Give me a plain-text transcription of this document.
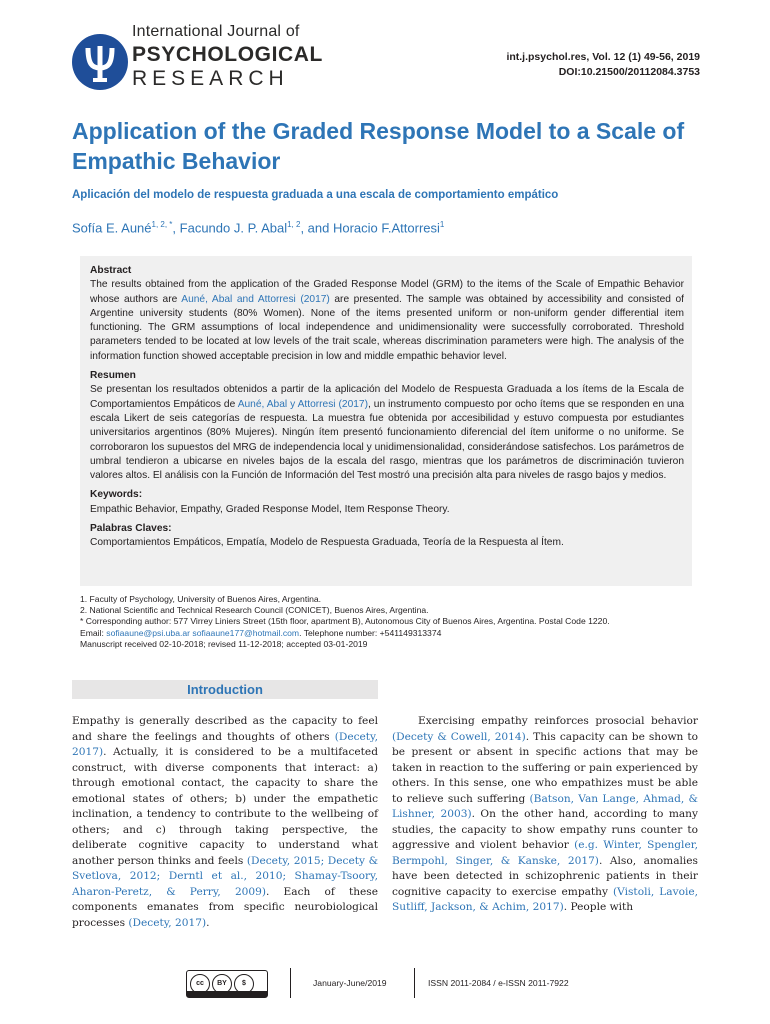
International Journal of
PSYCHOLOGICAL
RESEARCH
int.j.psychol.res, Vol. 12 (1) 49-56, 2019
DOI:10.21500/20112084.3753
Application of the Graded Response Model to a Scale of Empathic Behavior
Aplicación del modelo de respuesta graduada a una escala de comportamiento empático
Sofía E. Auné$^{1, 2, *}$, Facundo J. P. Abal$^{1, 2}$, and Horacio F.Attorresi$^1$

Abstract
The results obtained from the application of the Graded Response Model (GRM) to the items of the Scale of Empathic Behavior whose authors are Auné, Abal and Attorresi (2017) are presented. The sample was obtained by accessibility and consisted of Argentine university students (80% Women). None of the items presented uniform or non-uniform gender differential item functioning. The GRM assumptions of local independence and unidimensionality were successfully corroborated. Threshold parameters tended to be located at low levels of the trait scale, whereas discrimination parameters were high. The analysis of the information function showed acceptable precision in low and middle empathic behavior level.

Resumen
Se presentan los resultados obtenidos a partir de la aplicación del Modelo de Respuesta Graduada a los ítems de la Escala de Comportamientos Empáticos de Auné, Abal y Attorresi (2017), un instrumento compuesto por ocho ítems que se responden en una escala Likert de seis categorías de respuesta. La muestra fue obtenida por accesibilidad y estuvo compuesta por estudiantes universitarios argentinos (80% Mujeres). Ningún ítem presentó funcionamiento diferencial del ítem uniforme o no uniforme. Se corroboraron los supuestos del MRG de independencia local y unidimensionalidad, considerándose satisfechos. Los parámetros de umbral tendieron a ubicarse en niveles bajos de la escala del rasgo, mientras que los parámetros de discriminación tuvieron valores altos. El análisis con la Función de Información del Test mostró una precisión alta para niveles de rasgo bajos y medios.

Keywords:
Empathic Behavior, Empathy, Graded Response Model, Item Response Theory.

Palabras Claves:
Comportamientos Empáticos, Empatía, Modelo de Respuesta Graduada, Teoría de la Respuesta al Ítem.

1. Faculty of Psychology, University of Buenos Aires, Argentina.
2. National Scientific and Technical Research Council (CONICET), Buenos Aires, Argentina.
* Corresponding author: 577 Virrey Liniers Street (15th floor, apartment B), Autonomous City of Buenos Aires, Argentina. Postal Code 1220.
Email: sofiaaune@psi.uba.ar sofiaaune177@hotmail.com. Telephone number: +541149313374
Manuscript received 02-10-2018; revised 11-12-2018; accepted 03-01-2019
Introduction
Empathy is generally described as the capacity to feel and share the feelings and thoughts of others (Decety, 2017). Actually, it is considered to be a multifaceted construct, with diverse components that interact: a) through emotional contact, the capacity to share the emotional states of others; b) under the empathetic inclination, a tendency to contribute to the wellbeing of others; and c) through taking perspective, the deliberate cognitive capacity to understand what another person thinks and feels (Decety, 2015; Decety & Svetlova, 2012; Derntl et al., 2010; Shamay-Tsoory, Aharon-Peretz, & Perry, 2009). Each of these components emanates from specific neurobiological processes (Decety, 2017).
Exercising empathy reinforces prosocial behavior (Decety & Cowell, 2014). This capacity can be shown to be present or absent in specific actions that may be taken in reaction to the suffering or pain experienced by others. In this sense, one who empathizes must be able to relieve such suffering (Batson, Van Lange, Ahmad, & Lishner, 2003). On the other hand, according to many studies, the capacity to show empathy runs counter to aggressive and violent behavior (e.g. Winter, Spengler, Bermpohl, Singer, & Kanske, 2017). Also, anomalies have been detected in schizophrenic patients in their cognitive capacity to exercise empathy (Vistoli, Lavoie, Sutliff, Jackson, & Achim, 2017). People with
cc	BY	$	January-June/2019	ISSN 2011-2084 / e-ISSN 2011-7922
